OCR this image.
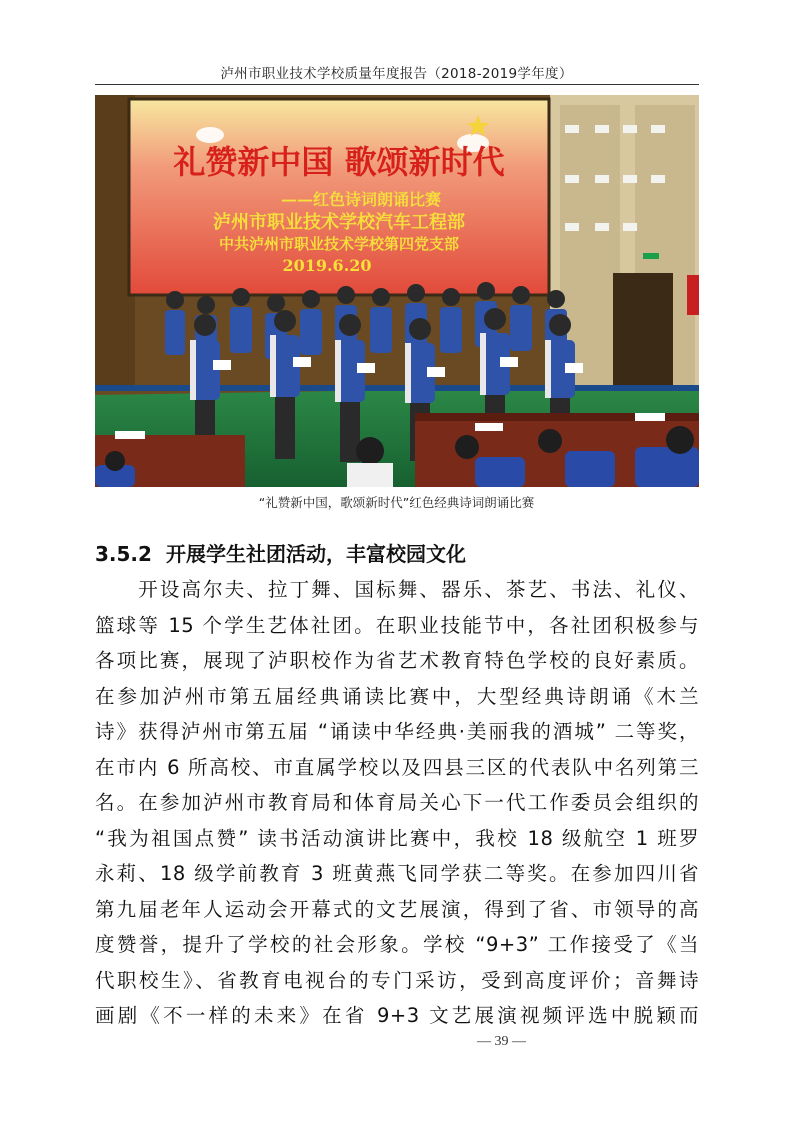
泸州市职业技术学校质量年度报告（2018-2019学年度）
礼赞新中国 歌颂新时代
——红色诗词朗诵比赛
泸州市职业技术学校汽车工程部
中共泸州市职业技术学校第四党支部
2019.6.20
“礼赞新中国，歌颂新时代”红色经典诗词朗诵比赛
3.5.2 开展学生社团活动，丰富校园文化
　　开设高尔夫、拉丁舞、国标舞、器乐、茶艺、书法、礼仪、
篮球等 15 个学生艺体社团。在职业技能节中，各社团积极参与
各项比赛，展现了泸职校作为省艺术教育特色学校的良好素质。
在参加泸州市第五届经典诵读比赛中，大型经典诗朗诵《木兰
诗》获得泸州市第五届 “诵读中华经典·美丽我的酒城” 二等奖，
在市内 6 所高校、市直属学校以及四县三区的代表队中名列第三
名。在参加泸州市教育局和体育局关心下一代工作委员会组织的
“我为祖国点赞” 读书活动演讲比赛中，我校 18 级航空 1 班罗
永莉、18 级学前教育 3 班黄燕飞同学获二等奖。在参加四川省
第九届老年人运动会开幕式的文艺展演，得到了省、市领导的高
度赞誉，提升了学校的社会形象。学校 “9+3” 工作接受了《当
代职校生》、省教育电视台的专门采访，受到高度评价；音舞诗
画剧《不一样的未来》在省 9+3 文艺展演视频评选中脱颖而
— 39 —
